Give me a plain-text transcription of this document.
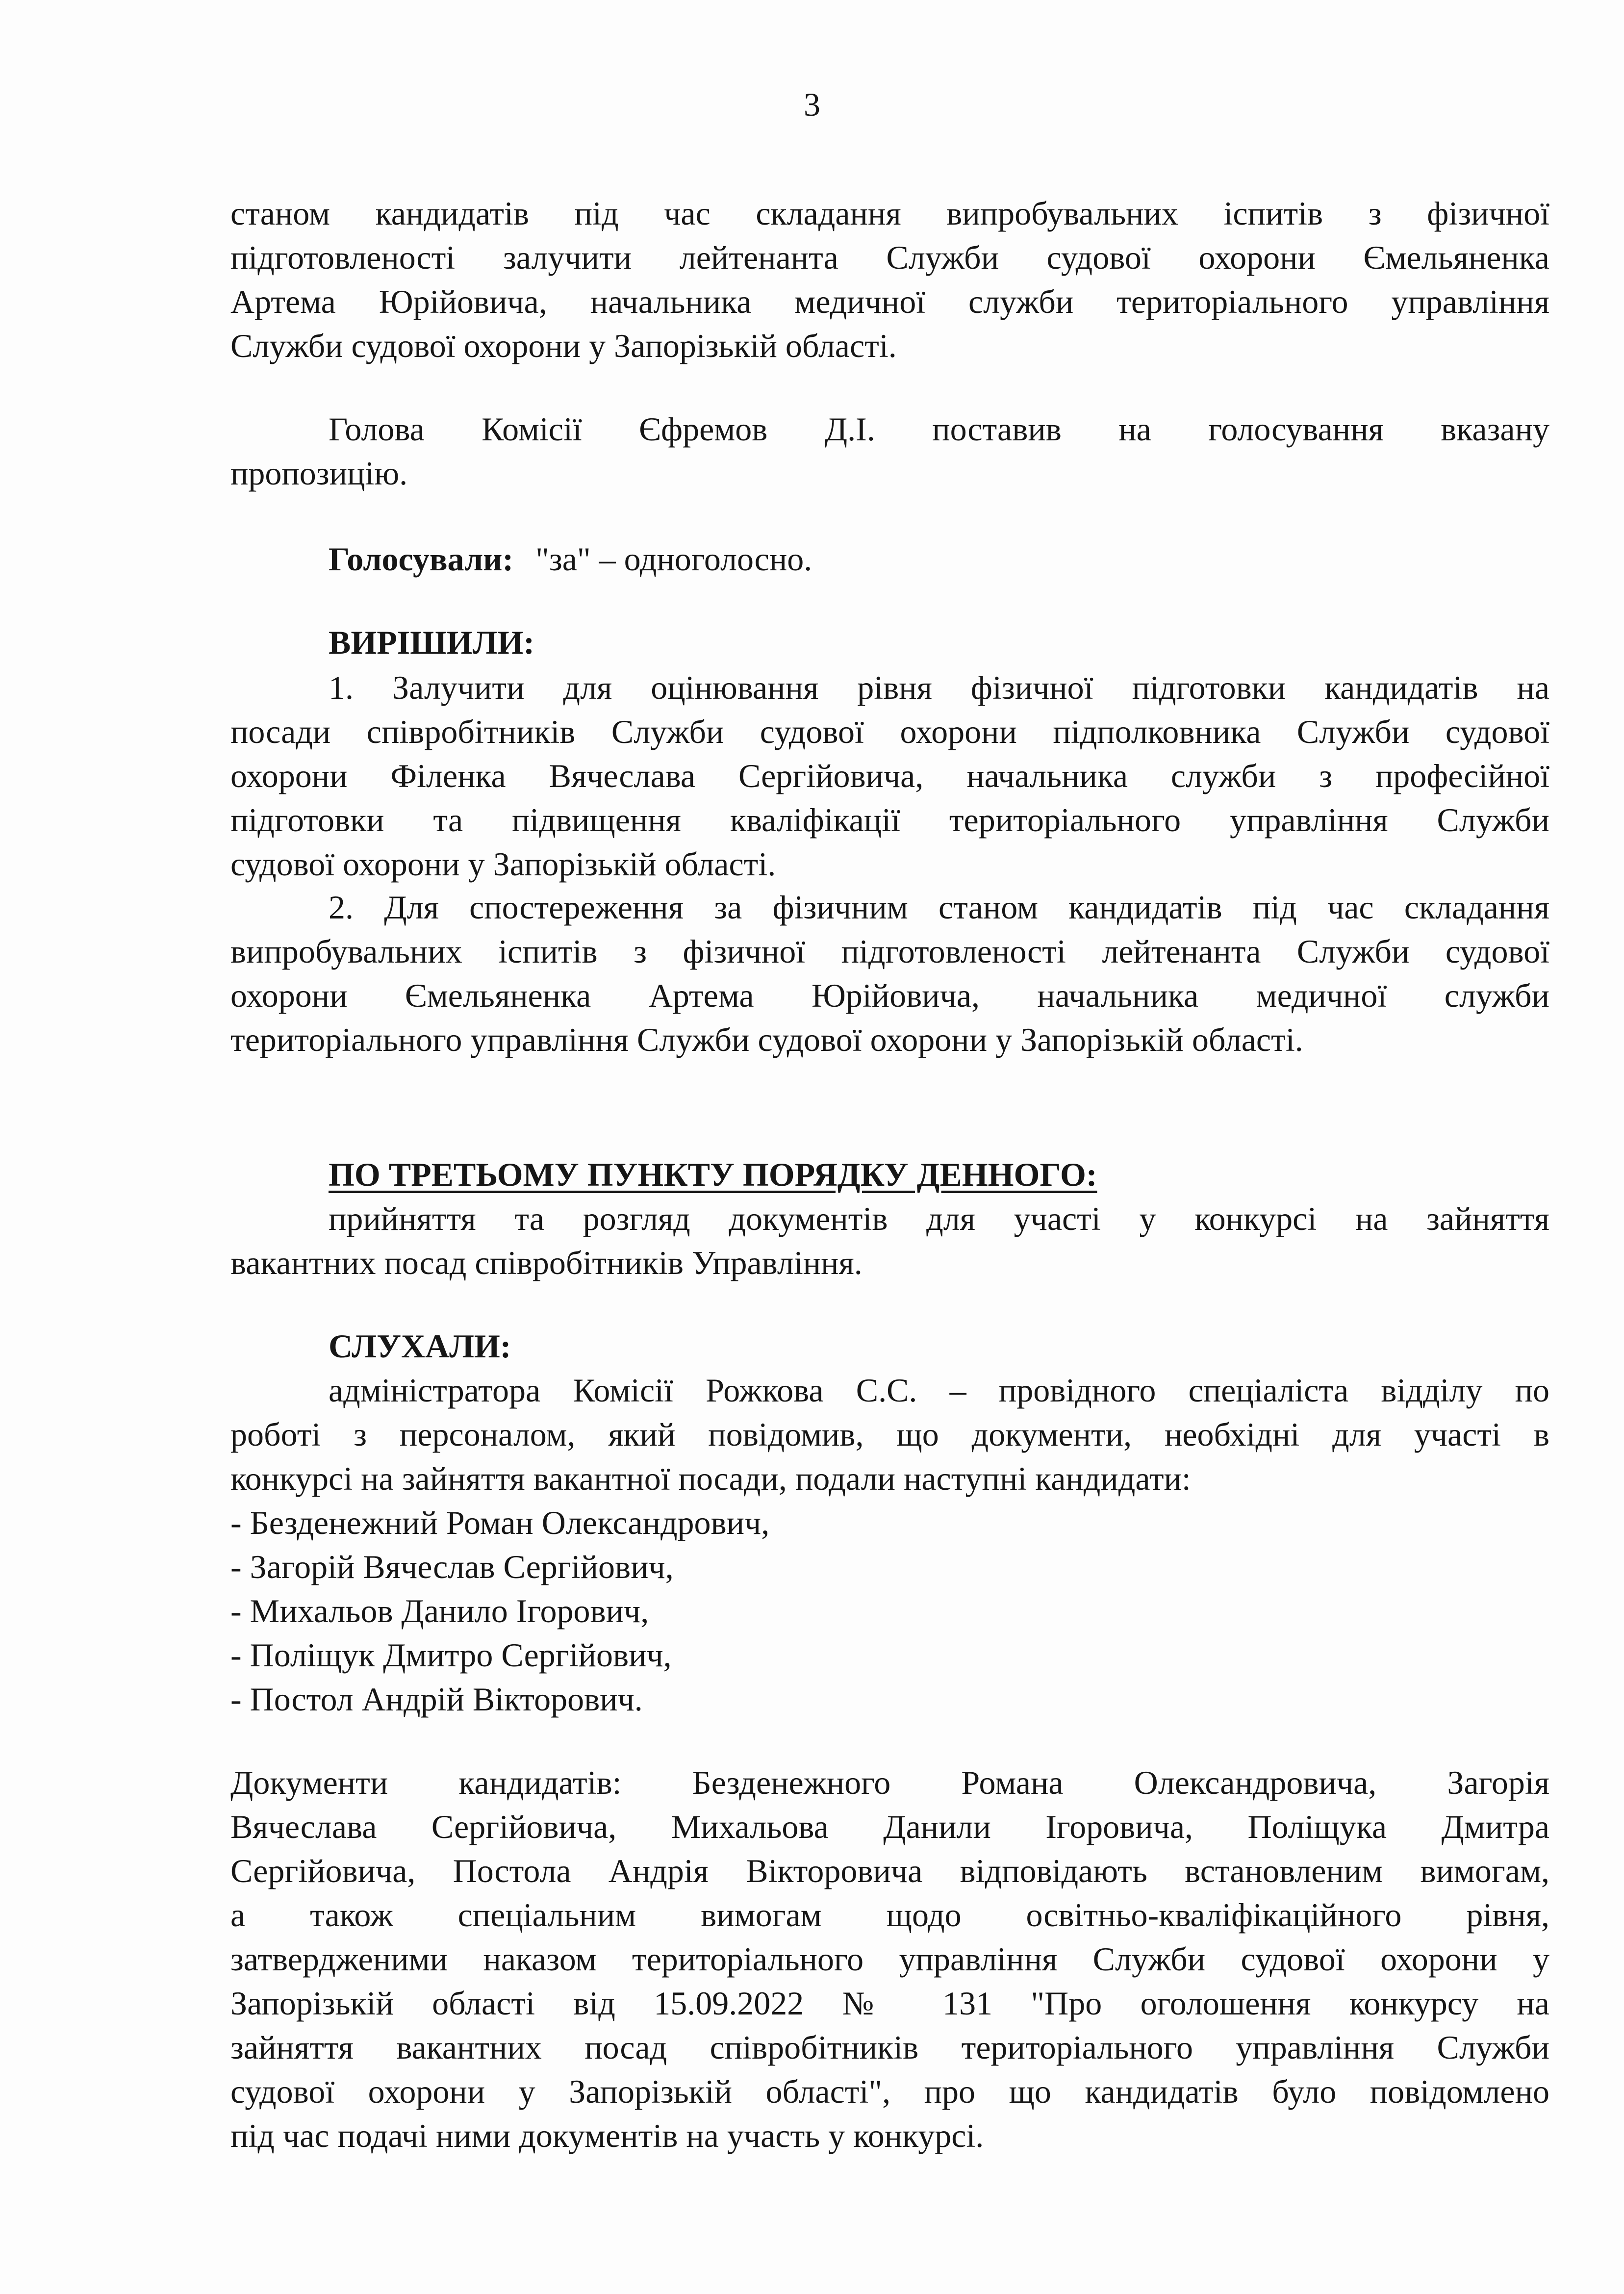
3
станом кандидатів під час складання випробувальних іспитів з фізичної
підготовленості залучити лейтенанта Служби судової охорони Ємельяненка
Артема Юрійовича, начальника медичної служби територіального управління
Служби судової охорони у Запорізькій області.
Голова Комісії Єфремов Д.І. поставив на голосування вказану
пропозицію.
Голосували: "за" – одноголосно.
ВИРІШИЛИ:
1. Залучити для оцінювання рівня фізичної підготовки кандидатів на
посади співробітників Служби судової охорони підполковника Служби судової
охорони Філенка Вячеслава Сергійовича, начальника служби з професійної
підготовки та підвищення кваліфікації територіального управління Служби
судової охорони у Запорізькій області.
2. Для спостереження за фізичним станом кандидатів під час складання
випробувальних іспитів з фізичної підготовленості лейтенанта Служби судової
охорони Ємельяненка Артема Юрійовича, начальника медичної служби
територіального управління Служби судової охорони у Запорізькій області.
ПО ТРЕТЬОМУ ПУНКТУ ПОРЯДКУ ДЕННОГО:
прийняття та розгляд документів для участі у конкурсі на зайняття
вакантних посад співробітників Управління.
СЛУХАЛИ:
адміністратора Комісії Рожкова С.С. – провідного спеціаліста відділу по
роботі з персоналом, який повідомив, що документи, необхідні для участі в
конкурсі на зайняття вакантної посади, подали наступні кандидати:
- Безденежний Роман Олександрович,
- Загорій Вячеслав Сергійович,
- Михальов Данило Ігорович,
- Поліщук Дмитро Сергійович,
- Постол Андрій Вікторович.
Документи кандидатів: Безденежного Романа Олександровича, Загорія
Вячеслава Сергійовича, Михальова Данили Ігоровича, Поліщука Дмитра
Сергійовича, Постола Андрія Вікторовича відповідають встановленим вимогам,
а також спеціальним вимогам щодо освітньо-кваліфікаційного рівня,
затвердженими наказом територіального управління Служби судової охорони у
Запорізькій області від 15.09.2022 № 131 "Про оголошення конкурсу на
зайняття вакантних посад співробітників територіального управління Служби
судової охорони у Запорізькій області", про що кандидатів було повідомлено
під час подачі ними документів на участь у конкурсі.
